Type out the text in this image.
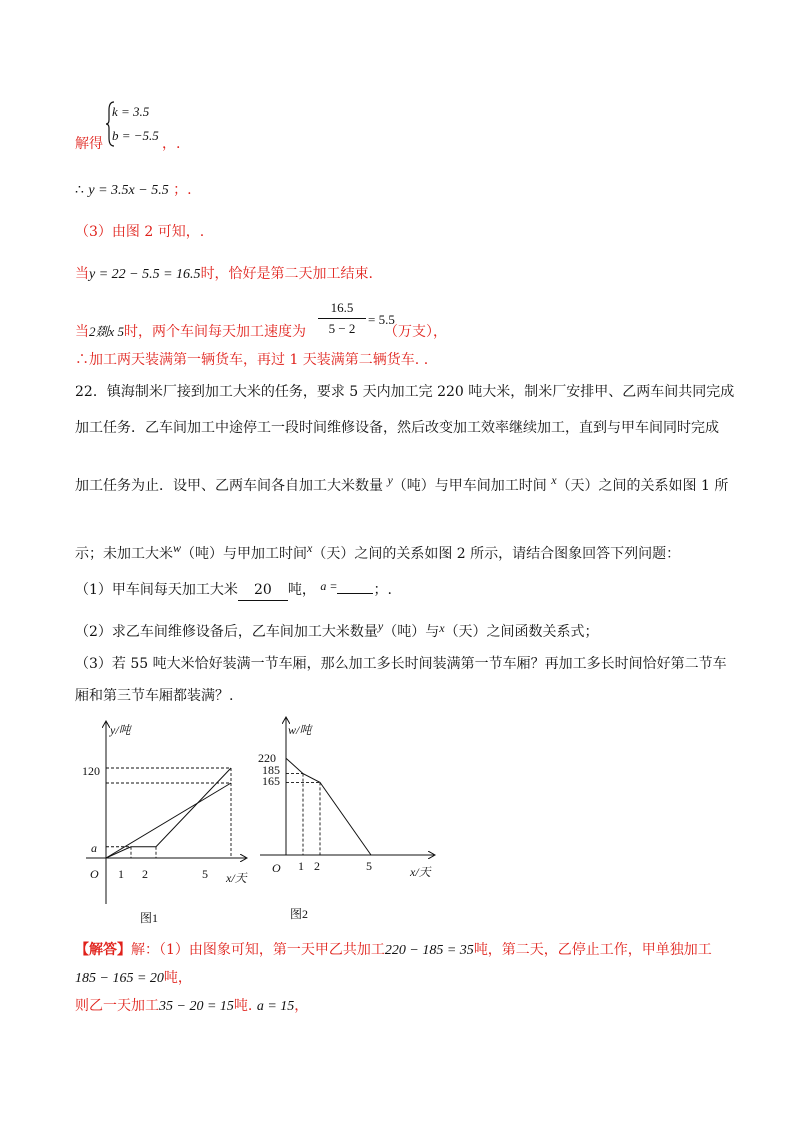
解得
k = 3.5
b = −5.5
，.
∴ y = 3.5x − 5.5 ；.
（3）由图 2 可知，.
当y = 22 − 5.5 = 16.5时，恰好是第二天加工结束.
当2剟x 5时，两个车间每天加工速度为
16.5
5 − 2
= 5.5
（万支），
∴加工两天装满第一辆货车，再过 1 天装满第二辆货车. .
22．镇海制米厂接到加工大米的任务，要求 5 天内加工完 220 吨大米，制米厂安排甲、乙两车间共同完成
加工任务．乙车间加工中途停工一段时间维修设备，然后改变加工效率继续加工，直到与甲车间同时完成
加工任务为止．设甲、乙两车间各自加工大米数量 y（吨）与甲车间加工时间 x（天）之间的关系如图 1 所
示；未加工大米w（吨）与甲加工时间x（天）之间的关系如图 2 所示，请结合图象回答下列问题：
（1）甲车间每天加工大米 20 吨， a =	；.
（2）求乙车间维修设备后，乙车间加工大米数量y（吨）与x（天）之间函数关系式；
（3）若 55 吨大米恰好装满一节车厢，那么加工多长时间装满第一节车厢？再加工多长时间恰好第二节车
厢和第三节车厢都装满？.
y/吨
x/天
O
120
a
1 2	5
图1
w/吨
x/天
O
220
185
165
1 2	5
图2
【解答】解：（1）由图象可知，第一天甲乙共加工220 − 185 = 35吨，第二天，乙停止工作，甲单独加工
185 − 165 = 20吨，
则乙一天加工35 − 20 = 15吨. a = 15，
